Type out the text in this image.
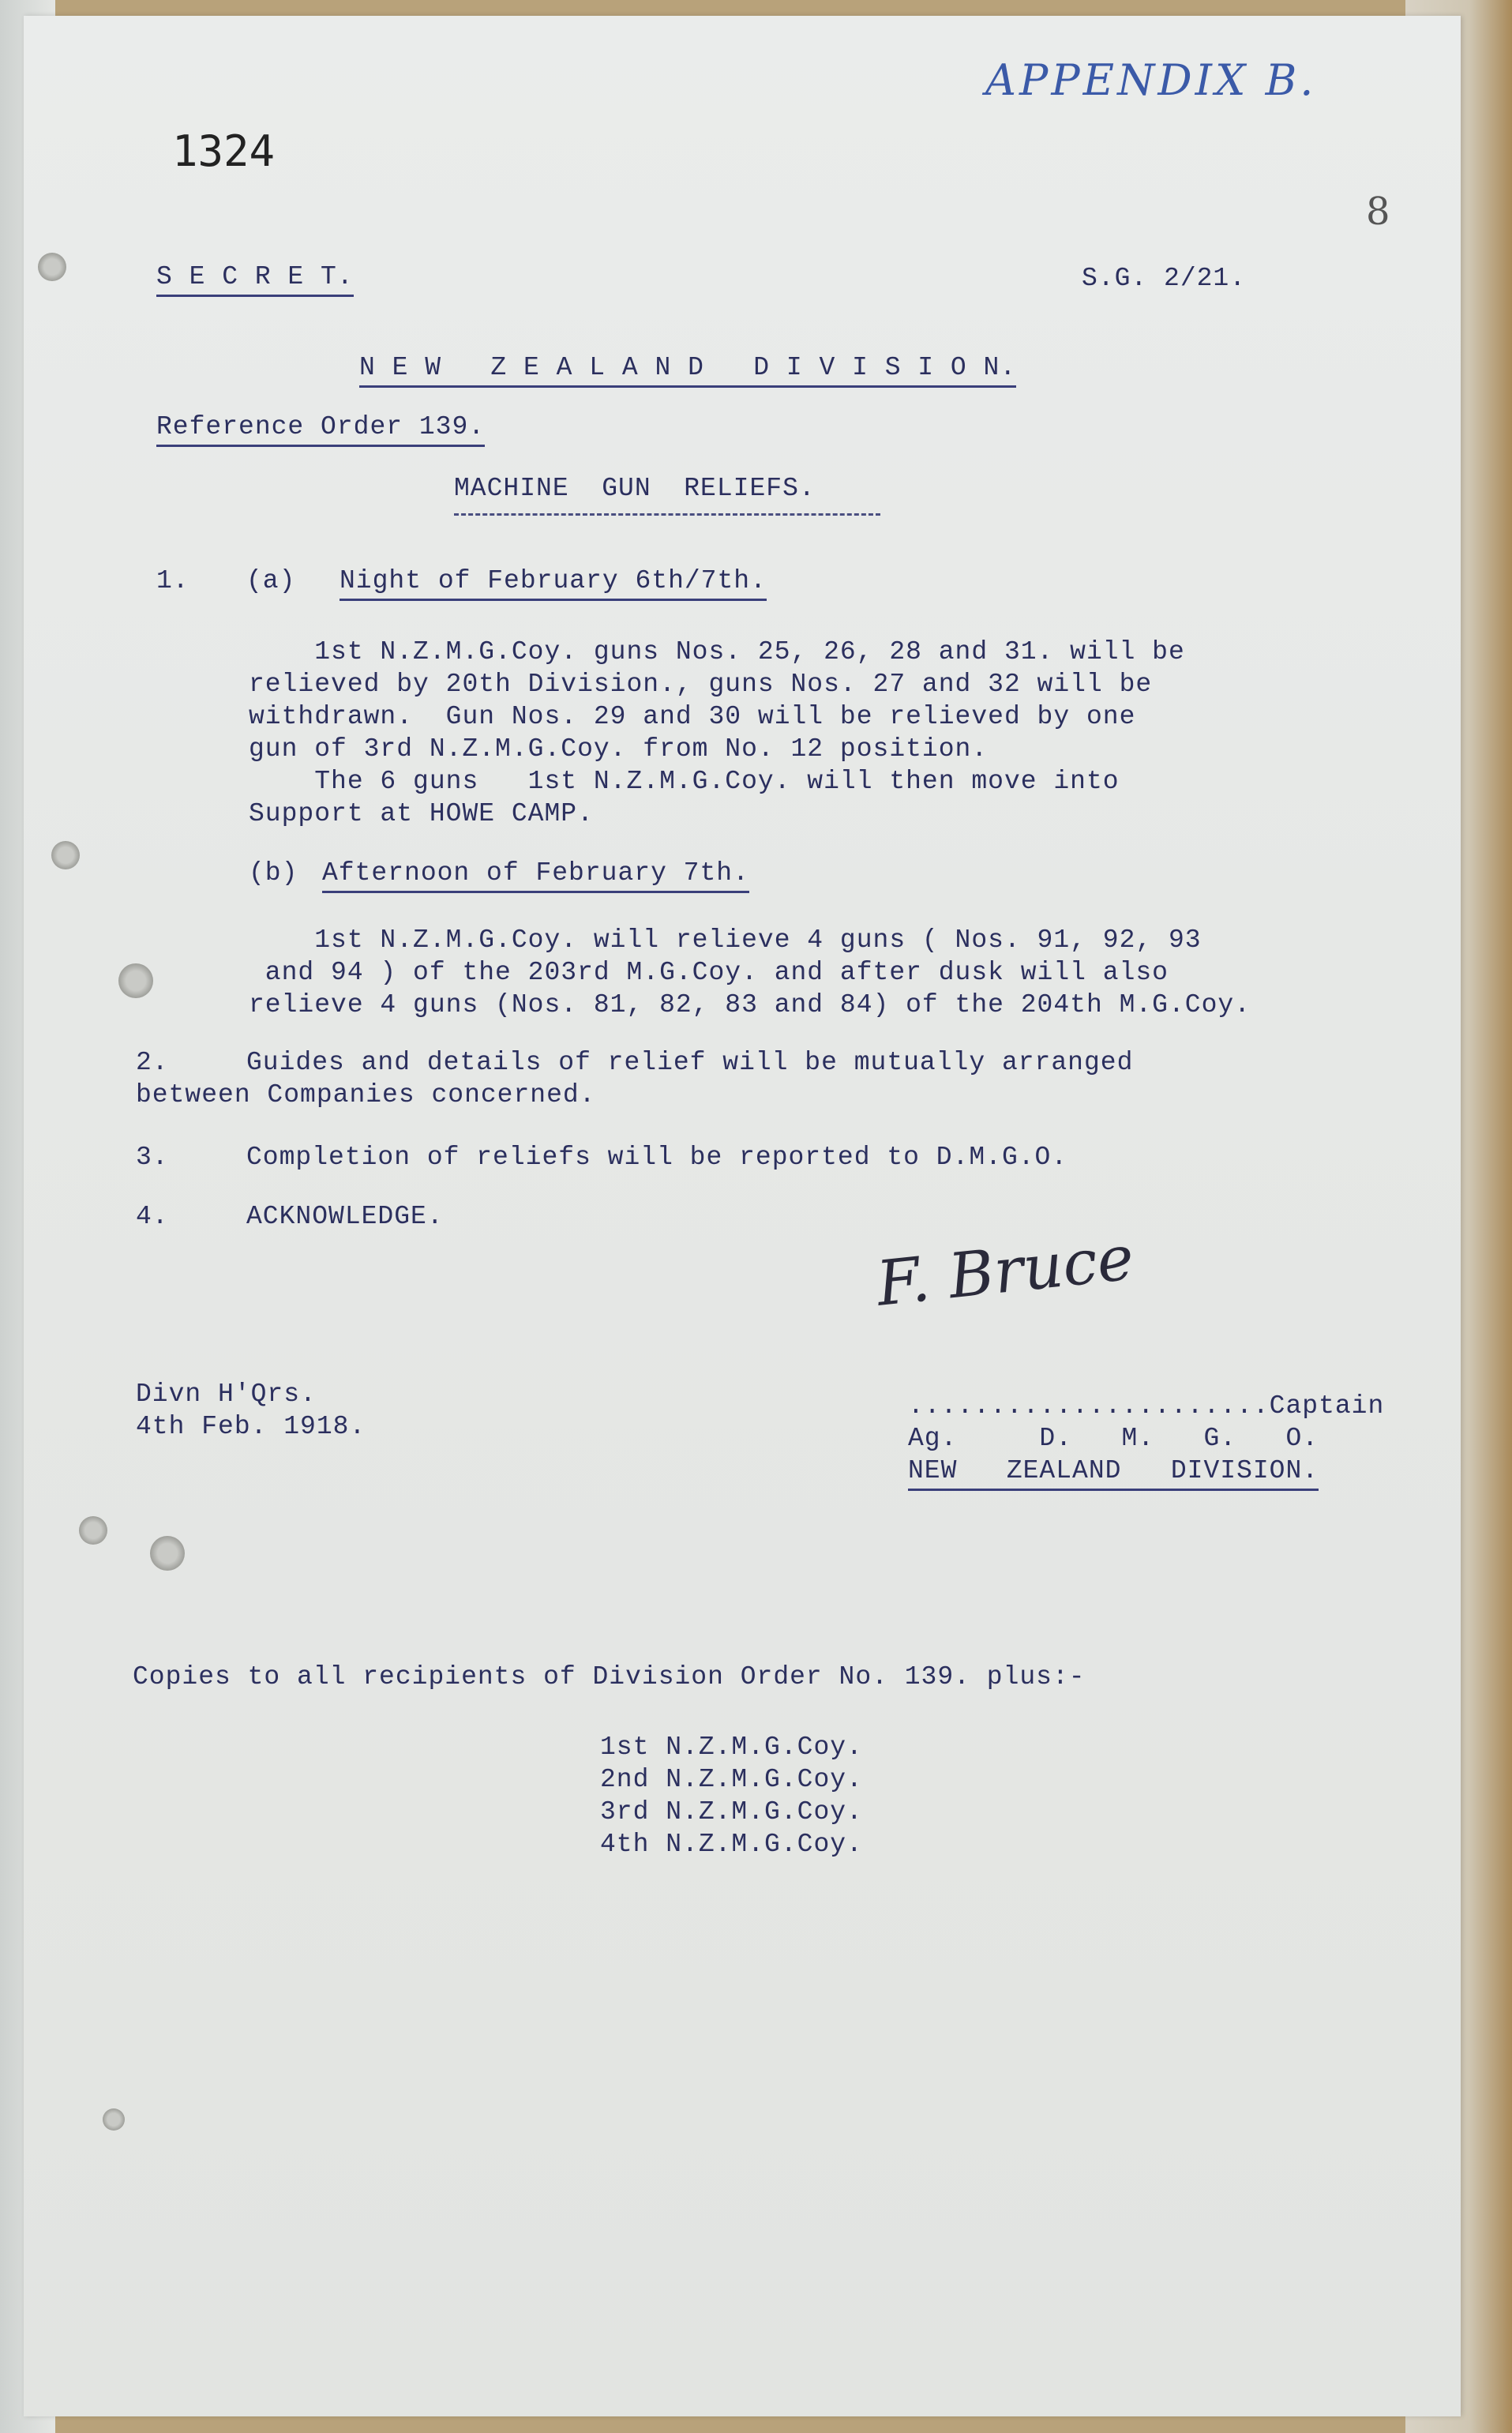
APPENDIX B.
1324
8
S E C R E T.	S.G. 2/21.
N E W   Z E A L A N D   D I V I S I O N.
Reference Order 139.
MACHINE  GUN  RELIEFS.
1. (a) Night of February 6th/7th.
1st N.Z.M.G.Coy. guns Nos. 25, 26, 28 and 31. will be
relieved by 20th Division., guns Nos. 27 and 32 will be
withdrawn.  Gun Nos. 29 and 30 will be relieved by one
gun of 3rd N.Z.M.G.Coy. from No. 12 position.
The 6 guns   1st N.Z.M.G.Coy. will then move into
Support at HOWE CAMP.
(b) Afternoon of February 7th.
1st N.Z.M.G.Coy. will relieve 4 guns ( Nos. 91, 92, 93
and 94 ) of the 203rd M.G.Coy. and after dusk will also
relieve 4 guns (Nos. 81, 82, 83 and 84) of the 204th M.G.Coy.
2.	Guides and details of relief will be mutually arranged
between Companies concerned.
3.	Completion of reliefs will be reported to D.M.G.O.
4.	ACKNOWLEDGE.
F. Bruce
Divn H'Qrs.
4th Feb. 1918.
......................Captain
Ag.     D.   M.   G.   O.
NEW   ZEALAND   DIVISION.
Copies to all recipients of Division Order No. 139. plus:-
1st N.Z.M.G.Coy.
2nd N.Z.M.G.Coy.
3rd N.Z.M.G.Coy.
4th N.Z.M.G.Coy.
